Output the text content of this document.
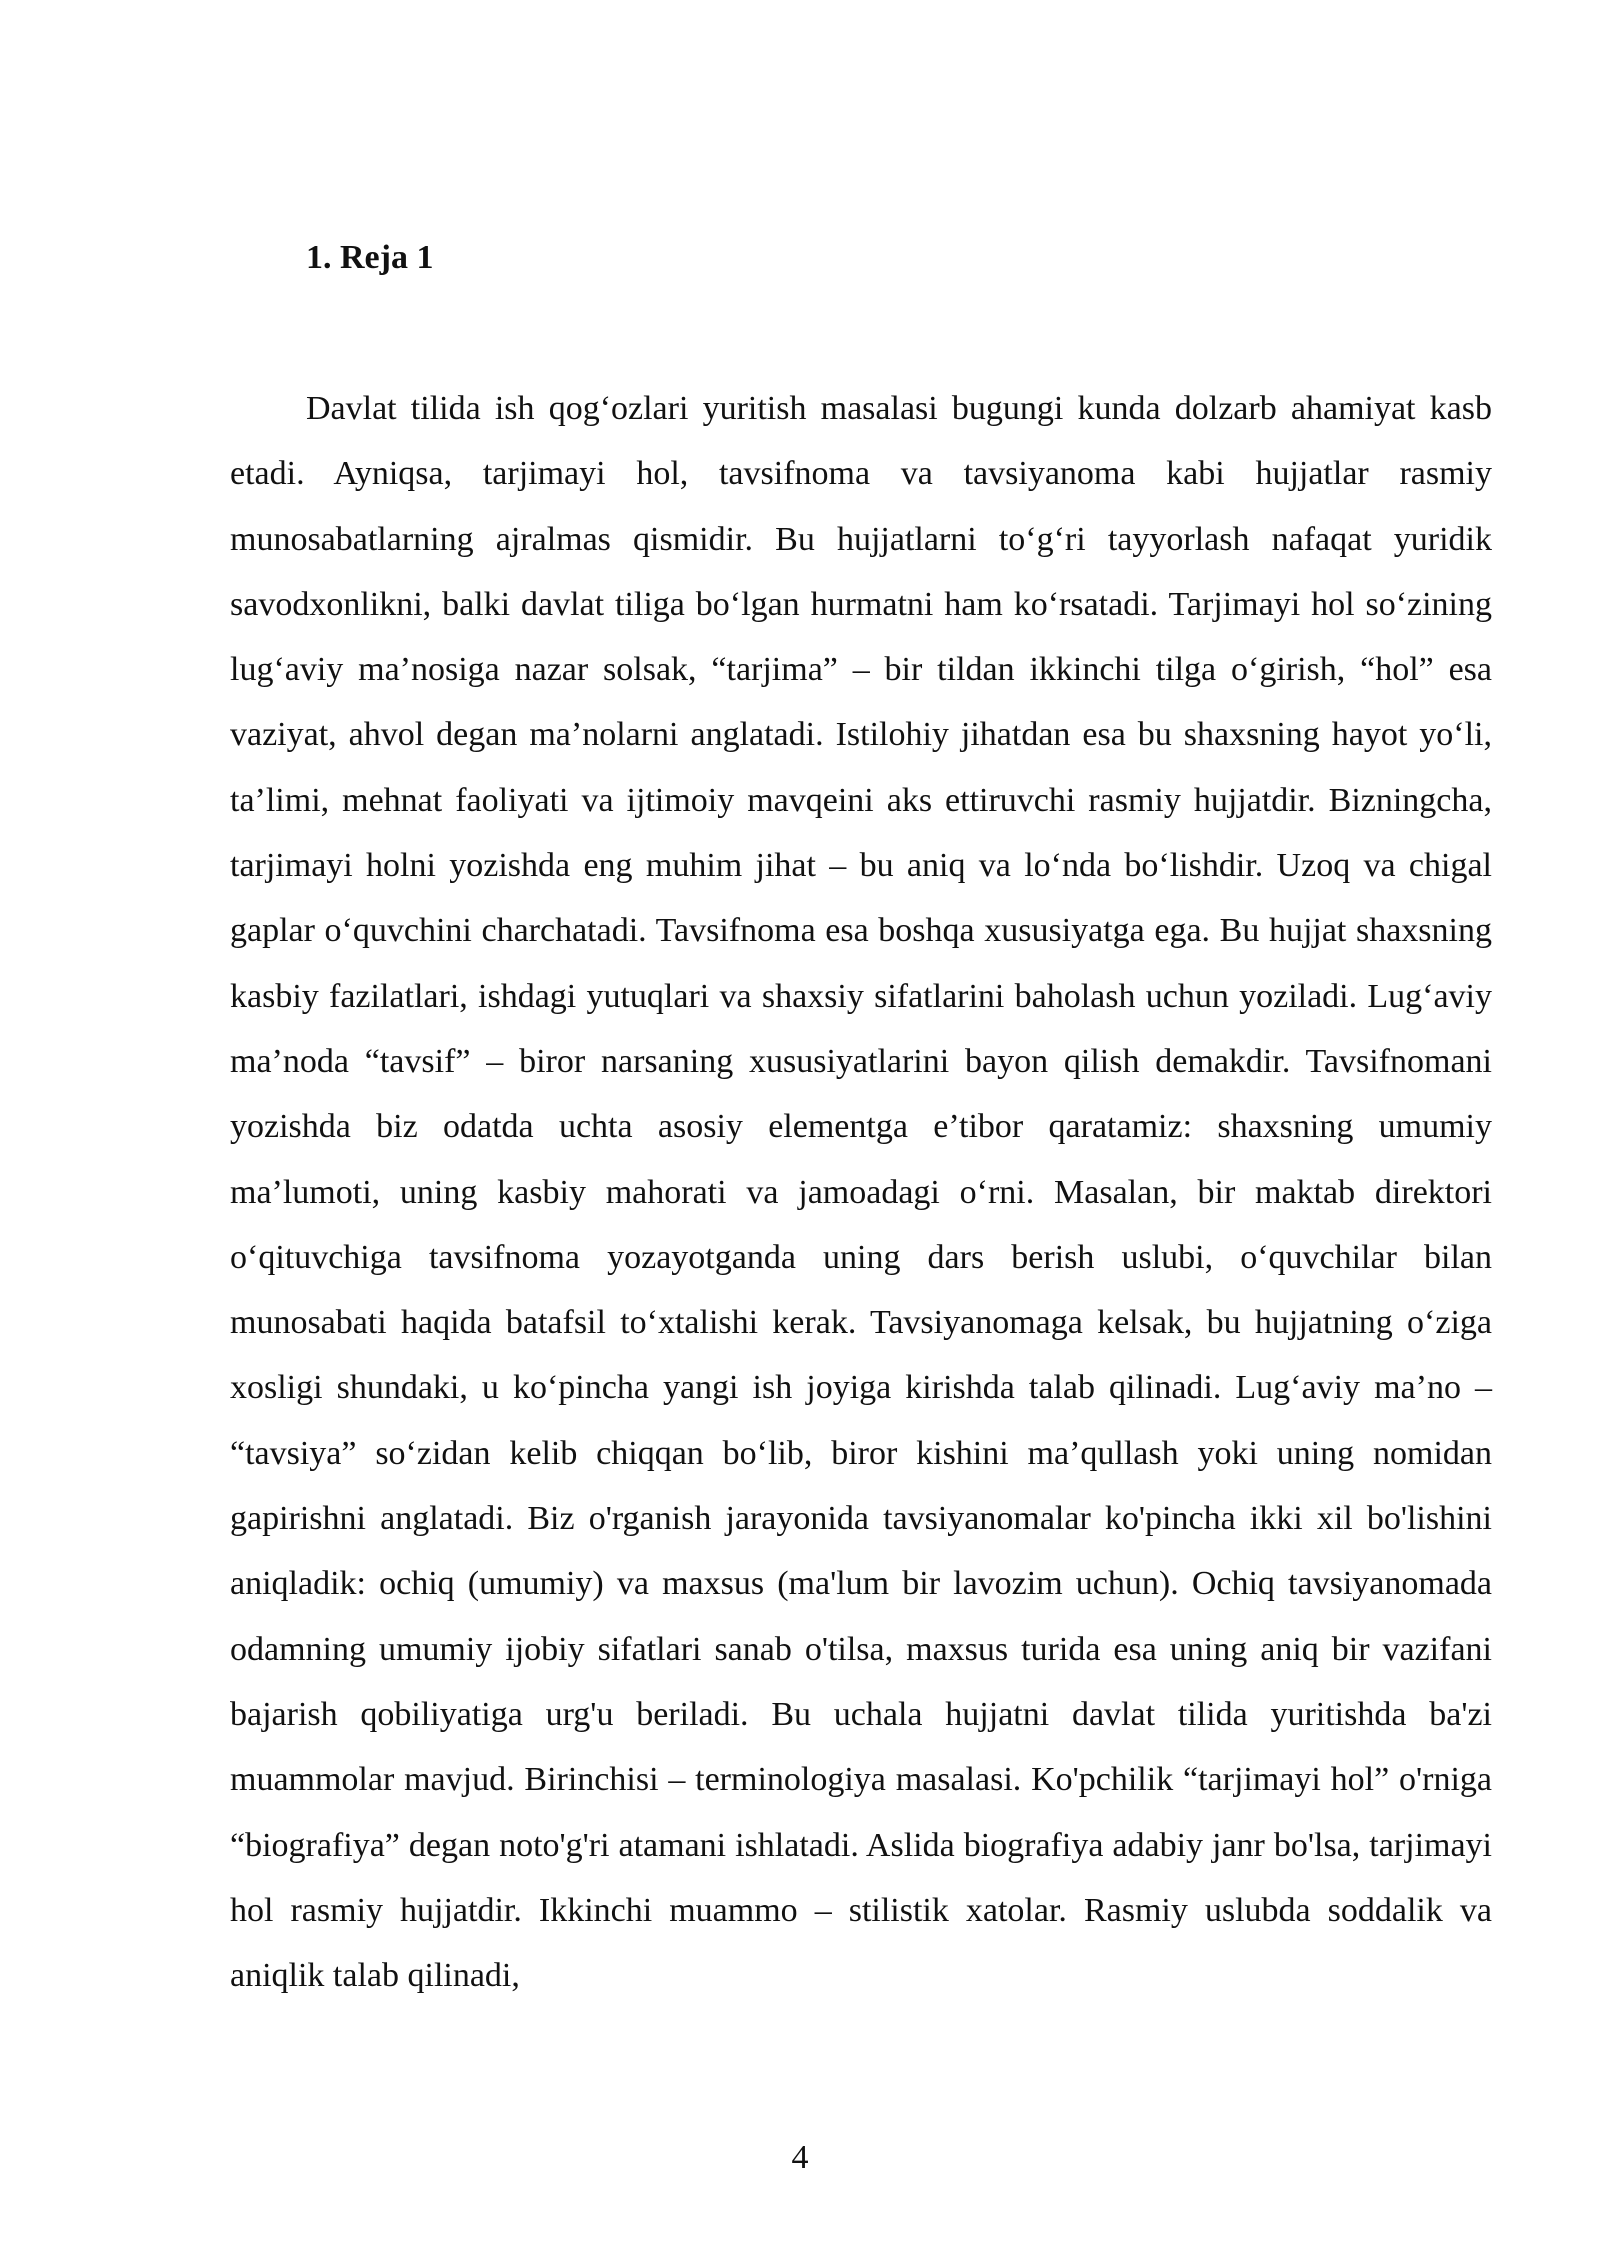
1. Reja 1

Davlat tilida ish qog‘ozlari yuritish masalasi bugungi kunda dolzarb ahamiyat kasb etadi. Ayniqsa, tarjimayi hol, tavsifnoma va tavsiyanoma kabi hujjatlar rasmiy munosabatlarning ajralmas qismidir. Bu hujjatlarni to‘g‘ri tayyorlash nafaqat yuridik savodxonlikni, balki davlat tiliga bo‘lgan hurmatni ham ko‘rsatadi. Tarjimayi hol so‘zining lug‘aviy ma’nosiga nazar solsak, “tarjima” – bir tildan ikkinchi tilga o‘girish, “hol” esa vaziyat, ahvol degan ma’nolarni anglatadi. Istilohiy jihatdan esa bu shaxsning hayot yo‘li, ta’limi, mehnat faoliyati va ijtimoiy mavqeini aks ettiruvchi rasmiy hujjatdir. Bizningcha, tarjimayi holni yozishda eng muhim jihat – bu aniq va lo‘nda bo‘lishdir. Uzoq va chigal gaplar o‘quvchini charchatadi. Tavsifnoma esa boshqa xususiyatga ega. Bu hujjat shaxsning kasbiy fazilatlari, ishdagi yutuqlari va shaxsiy sifatlarini baholash uchun yoziladi. Lug‘aviy ma’noda “tavsif” – biror narsaning xususiyatlarini bayon qilish demakdir. Tavsifnomani yozishda biz odatda uchta asosiy elementga e’tibor qaratamiz: shaxsning umumiy ma’lumoti, uning kasbiy mahorati va jamoadagi o‘rni. Masalan, bir maktab direktori o‘qituvchiga tavsifnoma yozayotganda uning dars berish uslubi, o‘quvchilar bilan munosabati haqida batafsil to‘xtalishi kerak. Tavsiyanomaga kelsak, bu hujjatning o‘ziga xosligi shundaki, u ko‘pincha yangi ish joyiga kirishda talab qilinadi. Lug‘aviy ma’no – “tavsiya” so‘zidan kelib chiqqan bo‘lib, biror kishini ma’qullash yoki uning nomidan gapirishni anglatadi. Biz o'rganish jarayonida tavsiyanomalar ko'pincha ikki xil bo'lishini aniqladik: ochiq (umumiy) va maxsus (ma'lum bir lavozim uchun). Ochiq tavsiyanomada odamning umumiy ijobiy sifatlari sanab o'tilsa, maxsus turida esa uning aniq bir vazifani bajarish qobiliyatiga urg'u beriladi. Bu uchala hujjatni davlat tilida yuritishda ba'zi muammolar mavjud. Birinchisi – terminologiya masalasi. Ko'pchilik “tarjimayi hol” o'rniga “biografiya” degan noto'g'ri atamani ishlatadi. Aslida biografiya adabiy janr bo'lsa, tarjimayi hol rasmiy hujjatdir. Ikkinchi muammo – stilistik xatolar. Rasmiy uslubda soddalik va aniqlik talab qilinadi,

4
